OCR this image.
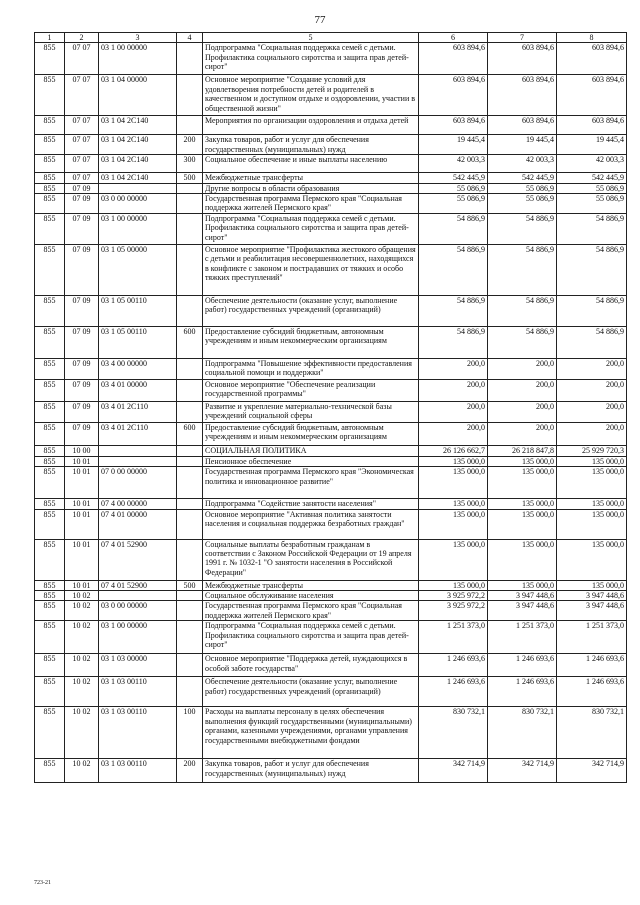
77
1	2	3	4	5	6	7	8
855	07 07	03 1 00 00000		Подпрограмма "Социальная поддержка семей с детьми. Профилактика социального сиротства и защита прав детей-сирот"	603 894,6	603 894,6	603 894,6
855	07 07	03 1 04 00000		Основное мероприятие "Создание условий для удовлетворения потребности детей и родителей в качественном и доступном отдыхе и оздоровлении, участии в общественной жизни"	603 894,6	603 894,6	603 894,6
855	07 07	03 1 04 2С140		Мероприятия по организации оздоровления и отдыха детей	603 894,6	603 894,6	603 894,6
855	07 07	03 1 04 2С140	200	Закупка товаров, работ и услуг для обеспечения государственных (муниципальных) нужд	19 445,4	19 445,4	19 445,4
855	07 07	03 1 04 2С140	300	Социальное обеспечение и иные выплаты населению	42 003,3	42 003,3	42 003,3
855	07 07	03 1 04 2С140	500	Межбюджетные трансферты	542 445,9	542 445,9	542 445,9
855	07 09			Другие вопросы в области образования	55 086,9	55 086,9	55 086,9
855	07 09	03 0 00 00000		Государственная программа Пермского края "Социальная поддержка жителей Пермского края"	55 086,9	55 086,9	55 086,9
855	07 09	03 1 00 00000		Подпрограмма "Социальная поддержка семей с детьми. Профилактика социального сиротства и защита прав детей-сирот"	54 886,9	54 886,9	54 886,9
855	07 09	03 1 05 00000		Основное мероприятие "Профилактика жестокого обращения с детьми и реабилитация несовершеннолетних, находящихся в конфликте с законом и пострадавших от тяжких и особо тяжких преступлений"	54 886,9	54 886,9	54 886,9
855	07 09	03 1 05 00110		Обеспечение деятельности (оказание услуг, выполнение работ) государственных учреждений (организаций)	54 886,9	54 886,9	54 886,9
855	07 09	03 1 05 00110	600	Предоставление субсидий бюджетным, автономным учреждениям и иным некоммерческим организациям	54 886,9	54 886,9	54 886,9
855	07 09	03 4 00 00000		Подпрограмма "Повышение эффективности предоставления социальной помощи и поддержки"	200,0	200,0	200,0
855	07 09	03 4 01 00000		Основное мероприятие "Обеспечение реализации государственной программы"	200,0	200,0	200,0
855	07 09	03 4 01 2С110		Развитие и укрепление материально-технической базы учреждений социальной сферы	200,0	200,0	200,0
855	07 09	03 4 01 2С110	600	Предоставление субсидий бюджетным, автономным учреждениям и иным некоммерческим организациям	200,0	200,0	200,0
855	10 00			СОЦИАЛЬНАЯ ПОЛИТИКА	26 126 662,7	26 218 847,8	25 929 720,3
855	10 01			Пенсионное обеспечение	135 000,0	135 000,0	135 000,0
855	10 01	07 0 00 00000		Государственная программа Пермского края "Экономическая политика и инновационное развитие"	135 000,0	135 000,0	135 000,0
855	10 01	07 4 00 00000		Подпрограмма "Содействие занятости населения"	135 000,0	135 000,0	135 000,0
855	10 01	07 4 01 00000		Основное мероприятие "Активная политика занятости населения и социальная поддержка безработных граждан"	135 000,0	135 000,0	135 000,0
855	10 01	07 4 01 52900		Социальные выплаты безработным гражданам в соответствии с Законом Российской Федерации от 19 апреля 1991 г. № 1032-1 "О занятости населения в Российской Федерации"	135 000,0	135 000,0	135 000,0
855	10 01	07 4 01 52900	500	Межбюджетные трансферты	135 000,0	135 000,0	135 000,0
855	10 02			Социальное обслуживание населения	3 925 972,2	3 947 448,6	3 947 448,6
855	10 02	03 0 00 00000		Государственная программа Пермского края "Социальная поддержка жителей Пермского края"	3 925 972,2	3 947 448,6	3 947 448,6
855	10 02	03 1 00 00000		Подпрограмма "Социальная поддержка семей с детьми. Профилактика социального сиротства и защита прав детей-сирот"	1 251 373,0	1 251 373,0	1 251 373,0
855	10 02	03 1 03 00000		Основное мероприятие "Поддержка детей, нуждающихся в особой заботе государства"	1 246 693,6	1 246 693,6	1 246 693,6
855	10 02	03 1 03 00110		Обеспечение деятельности (оказание услуг, выполнение работ) государственных учреждений (организаций)	1 246 693,6	1 246 693,6	1 246 693,6
855	10 02	03 1 03 00110	100	Расходы на выплаты персоналу в целях обеспечения выполнения функций государственными (муниципальными) органами, казенными учреждениями, органами управления государственными внебюджетными фондами	830 732,1	830 732,1	830 732,1
855	10 02	03 1 03 00110	200	Закупка товаров, работ и услуг для обеспечения государственных (муниципальных) нужд	342 714,9	342 714,9	342 714,9
723-21
